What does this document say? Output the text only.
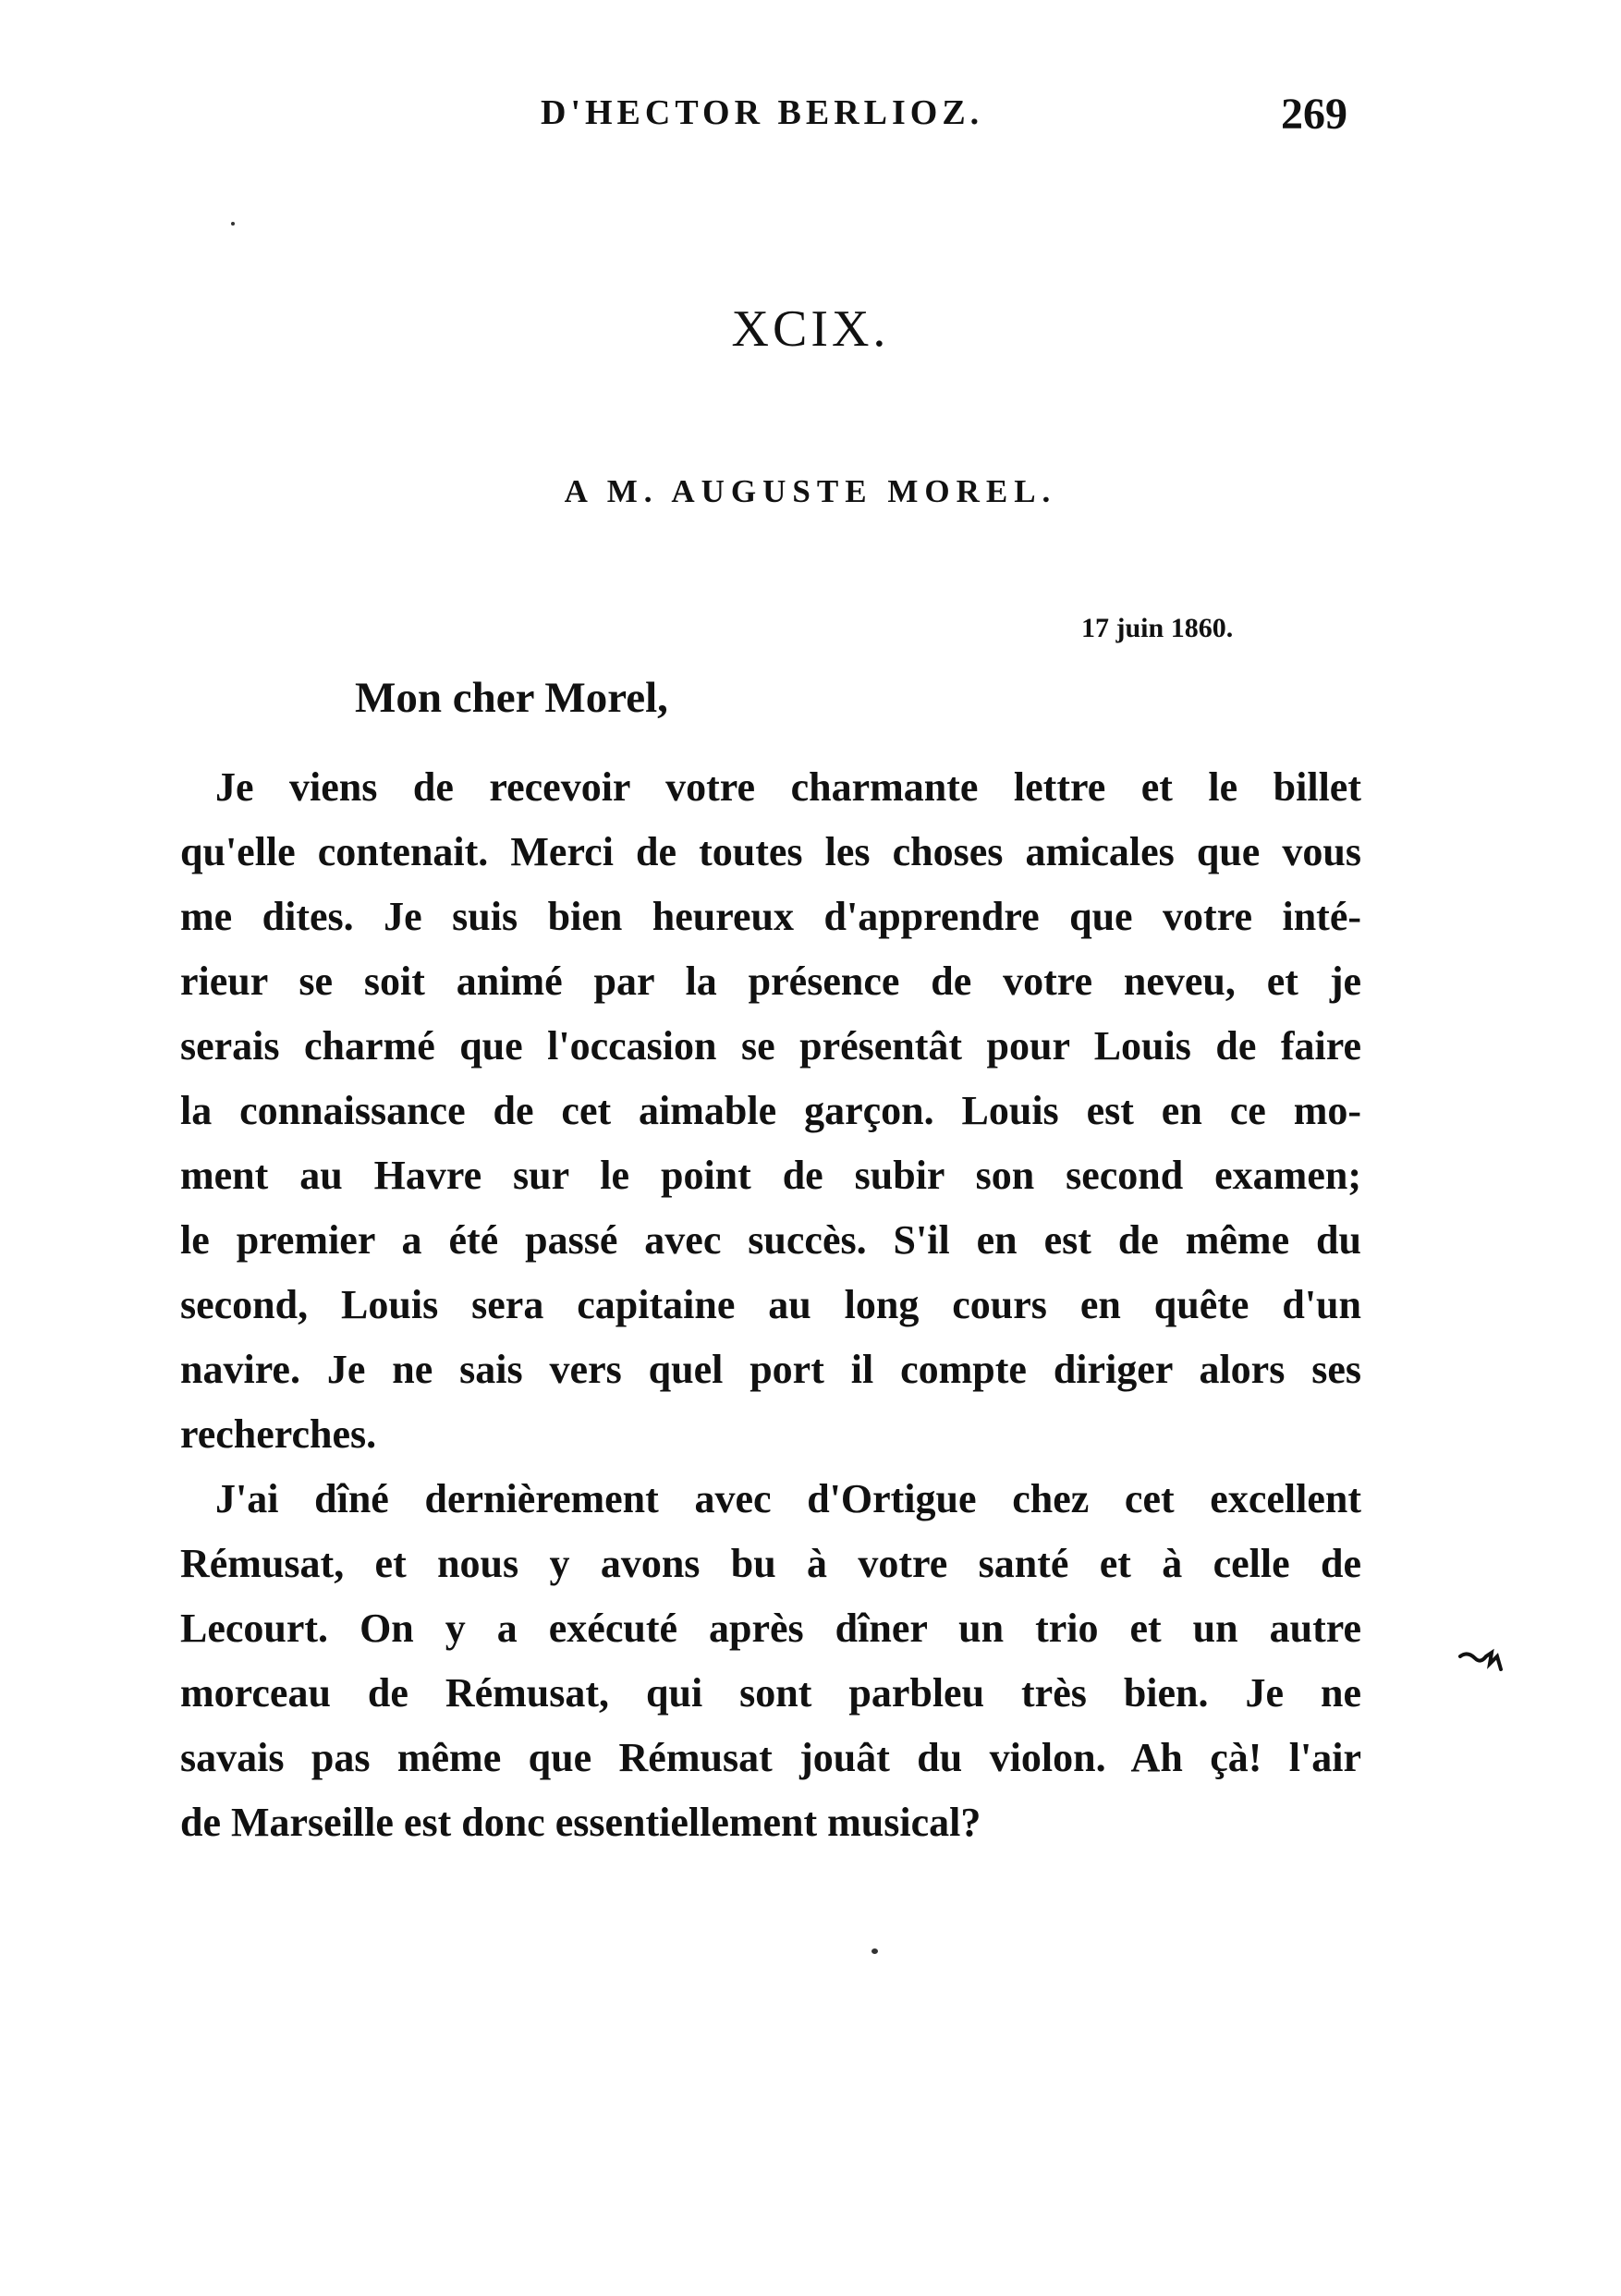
D'HECTOR BERLIOZ.	269
XCIX.
A M. AUGUSTE MOREL.
17 juin 1860.
Mon cher Morel,
Je viens de recevoir votre charmante lettre et le billet
qu'elle contenait. Merci de toutes les choses amicales que vous
me dites. Je suis bien heureux d'apprendre que votre inté-
rieur se soit animé par la présence de votre neveu, et je
serais charmé que l'occasion se présentât pour Louis de faire
la connaissance de cet aimable garçon. Louis est en ce mo-
ment au Havre sur le point de subir son second examen;
le premier a été passé avec succès. S'il en est de même du
second, Louis sera capitaine au long cours en quête d'un
navire. Je ne sais vers quel port il compte diriger alors ses
recherches.
J'ai dîné dernièrement avec d'Ortigue chez cet excellent
Rémusat, et nous y avons bu à votre santé et à celle de
Lecourt. On y a exécuté après dîner un trio et un autre
morceau de Rémusat, qui sont parbleu très bien. Je ne
savais pas même que Rémusat jouât du violon. Ah çà! l'air
de Marseille est donc essentiellement musical?
